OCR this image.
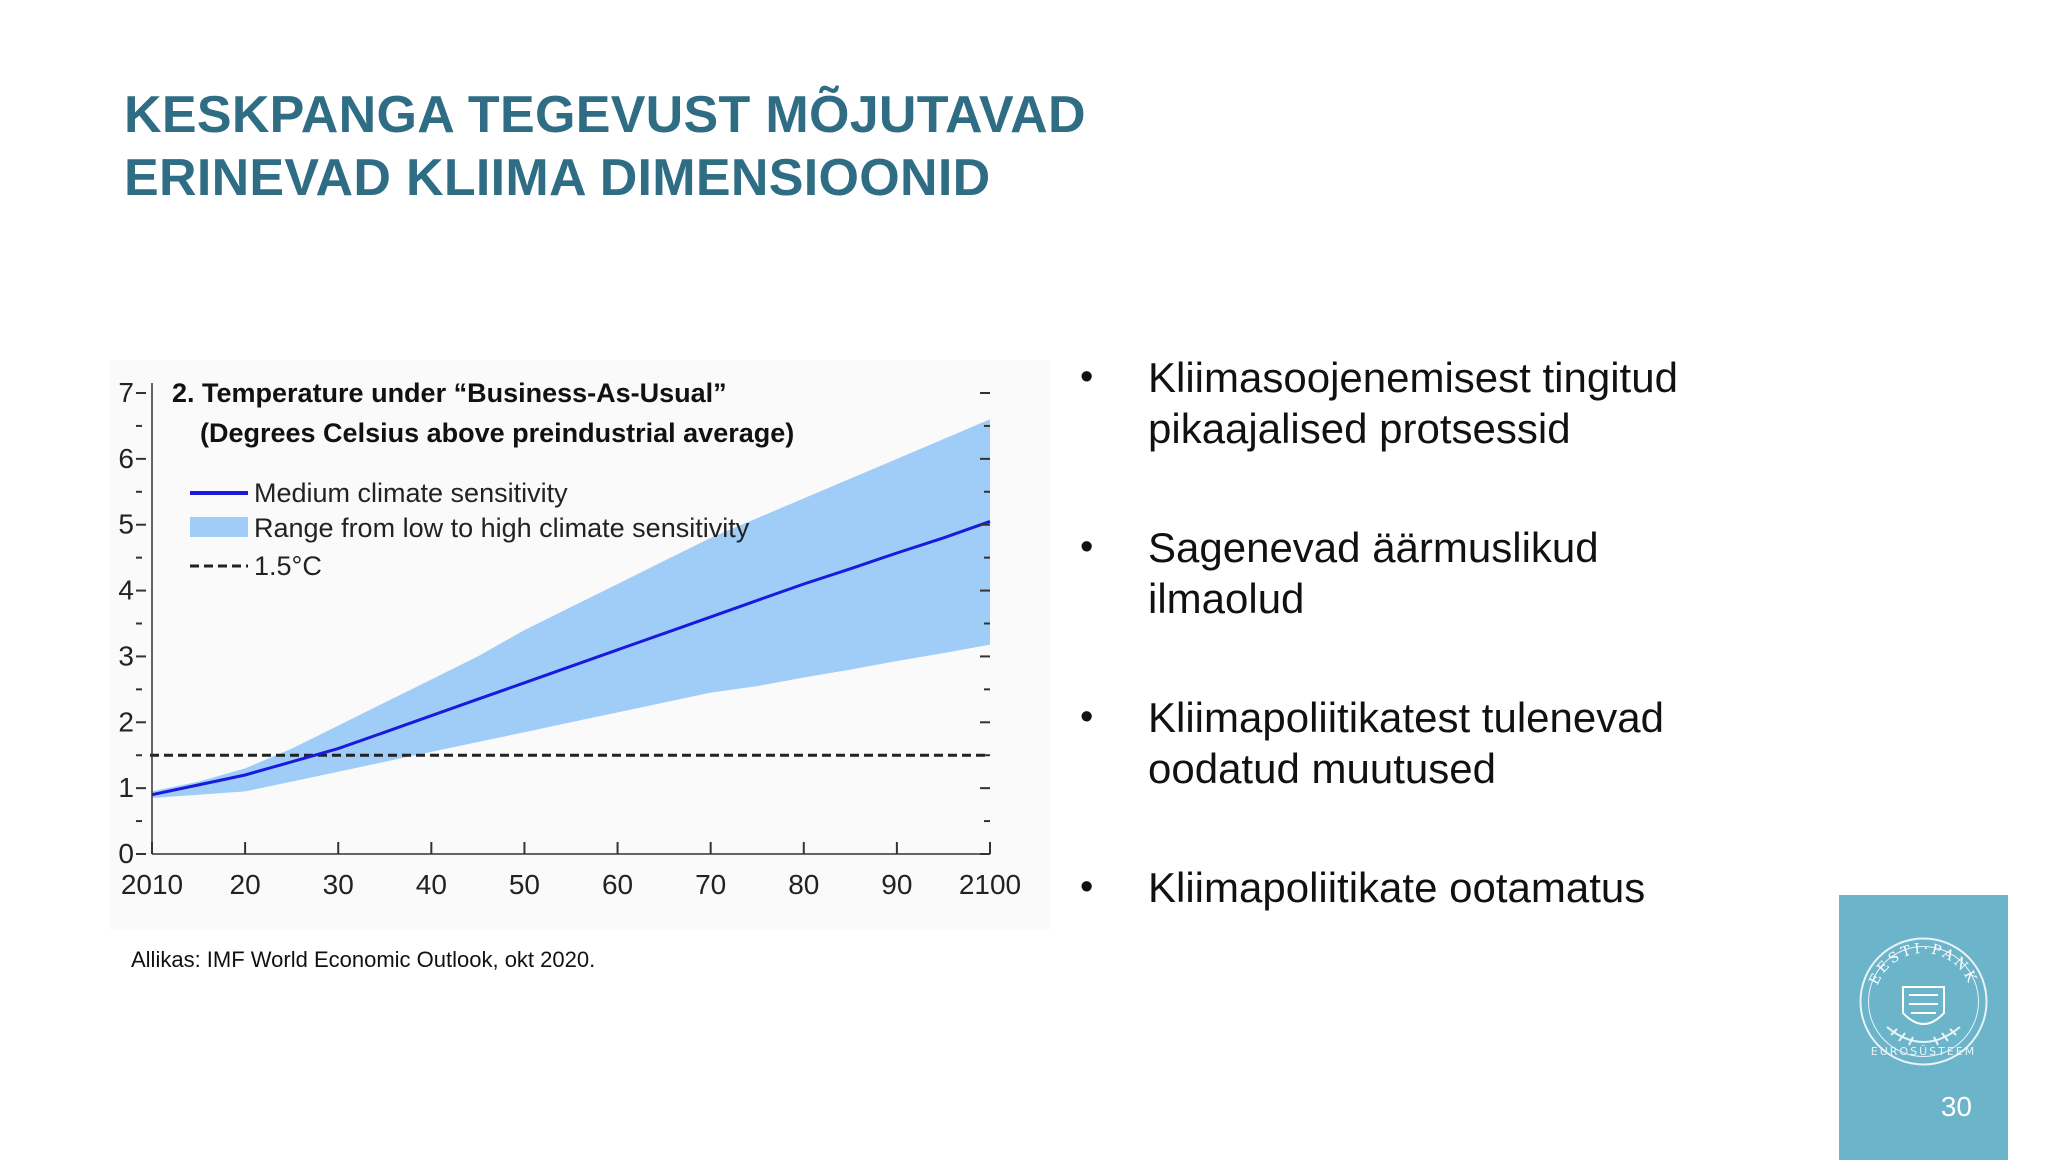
KESKPANGA TEGEVUST MÕJUTAVAD
ERINEVAD KLIIMA DIMENSIOONID
0
1
2
3
4
5
6
7
2010 20 30 40 50 60 70 80 90 2100
2. Temperature under “Business-As-Usual”
(Degrees Celsius above preindustrial average)
Medium climate sensitivity
Range from low to high climate sensitivity
1.5°C
Allikas: IMF World Economic Outlook, okt 2020.
• Kliimasoojenemisest tingitud
pikaajalised protsessid
• Sagenevad äärmuslikud
ilmaolud
• Kliimapoliitikatest tulenevad
oodatud muutused
• Kliimapoliitikate ootamatus
EESTI·PANK
EUROSÜSTEEM
30
